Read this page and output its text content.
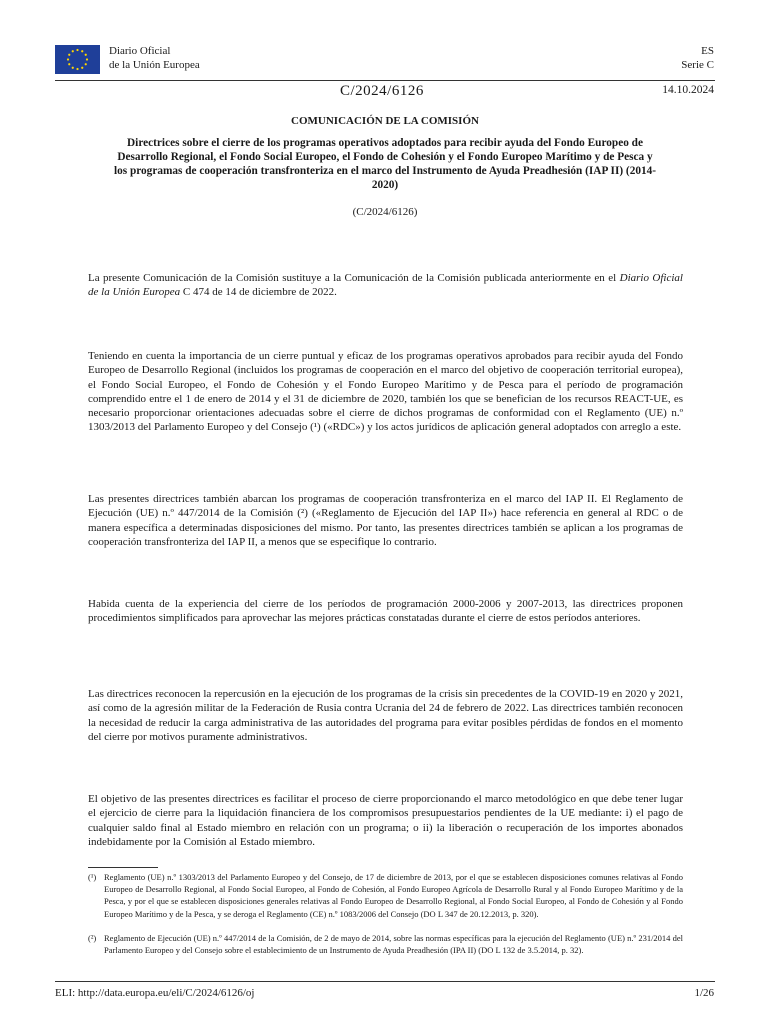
Diario Oficial
de la Unión Europea
ES
Serie C
C/2024/6126	14.10.2024
COMUNICACIÓN DE LA COMISIÓN
Directrices sobre el cierre de los programas operativos adoptados para recibir ayuda del Fondo Europeo de Desarrollo Regional, el Fondo Social Europeo, el Fondo de Cohesión y el Fondo Europeo Marítimo y de Pesca y los programas de cooperación transfronteriza en el marco del Instrumento de Ayuda Preadhesión (IAP II) (2014-2020)
(C/2024/6126)
La presente Comunicación de la Comisión sustituye a la Comunicación de la Comisión publicada anteriormente en el Diario Oficial de la Unión Europea C 474 de 14 de diciembre de 2022.
Teniendo en cuenta la importancia de un cierre puntual y eficaz de los programas operativos aprobados para recibir ayuda del Fondo Europeo de Desarrollo Regional (incluidos los programas de cooperación en el marco del objetivo de cooperación territorial europea), el Fondo Social Europeo, el Fondo de Cohesión y el Fondo Europeo Marítimo y de Pesca para el período de programación comprendido entre el 1 de enero de 2014 y el 31 de diciembre de 2020, también los que se benefician de los recursos REACT-UE, es necesario proporcionar orientaciones adecuadas sobre el cierre de dichos programas de conformidad con el Reglamento (UE) n.º 1303/2013 del Parlamento Europeo y del Consejo (¹) («RDC») y los actos jurídicos de aplicación general adoptados con arreglo a este.
Las presentes directrices también abarcan los programas de cooperación transfronteriza en el marco del IAP II. El Reglamento de Ejecución (UE) n.º 447/2014 de la Comisión (²) («Reglamento de Ejecución del IAP II») hace referencia en general al RDC o de manera específica a determinadas disposiciones del mismo. Por tanto, las presentes directrices también se aplican a los programas de cooperación transfronteriza del IAP II, a menos que se especifique lo contrario.
Habida cuenta de la experiencia del cierre de los períodos de programación 2000-2006 y 2007-2013, las directrices proponen procedimientos simplificados para aprovechar las mejores prácticas constatadas durante el cierre de estos períodos anteriores.
Las directrices reconocen la repercusión en la ejecución de los programas de la crisis sin precedentes de la COVID-19 en 2020 y 2021, así como de la agresión militar de la Federación de Rusia contra Ucrania del 24 de febrero de 2022. Las directrices también reconocen la necesidad de reducir la carga administrativa de las autoridades del programa para evitar posibles pérdidas de fondos en el momento del cierre por motivos puramente administrativos.
El objetivo de las presentes directrices es facilitar el proceso de cierre proporcionando el marco metodológico en que debe tener lugar el ejercicio de cierre para la liquidación financiera de los compromisos presupuestarios pendientes de la UE mediante: i) el pago de cualquier saldo final al Estado miembro en relación con un programa; o ii) la liberación o recuperación de los importes abonados indebidamente por la Comisión al Estado miembro.
(¹) Reglamento (UE) n.º 1303/2013 del Parlamento Europeo y del Consejo, de 17 de diciembre de 2013, por el que se establecen disposiciones comunes relativas al Fondo Europeo de Desarrollo Regional, al Fondo Social Europeo, al Fondo de Cohesión, al Fondo Europeo Agrícola de Desarrollo Rural y al Fondo Europeo Marítimo y de la Pesca, y por el que se establecen disposiciones generales relativas al Fondo Europeo de Desarrollo Regional, al Fondo Social Europeo, al Fondo de Cohesión y al Fondo Europeo Marítimo y de la Pesca, y se deroga el Reglamento (CE) n.º 1083/2006 del Consejo (DO L 347 de 20.12.2013, p. 320).
(²) Reglamento de Ejecución (UE) n.º 447/2014 de la Comisión, de 2 de mayo de 2014, sobre las normas específicas para la ejecución del Reglamento (UE) n.º 231/2014 del Parlamento Europeo y del Consejo sobre el establecimiento de un Instrumento de Ayuda Preadhesión (IPA II) (DO L 132 de 3.5.2014, p. 32).
ELI: http://data.europa.eu/eli/C/2024/6126/oj	1/26
